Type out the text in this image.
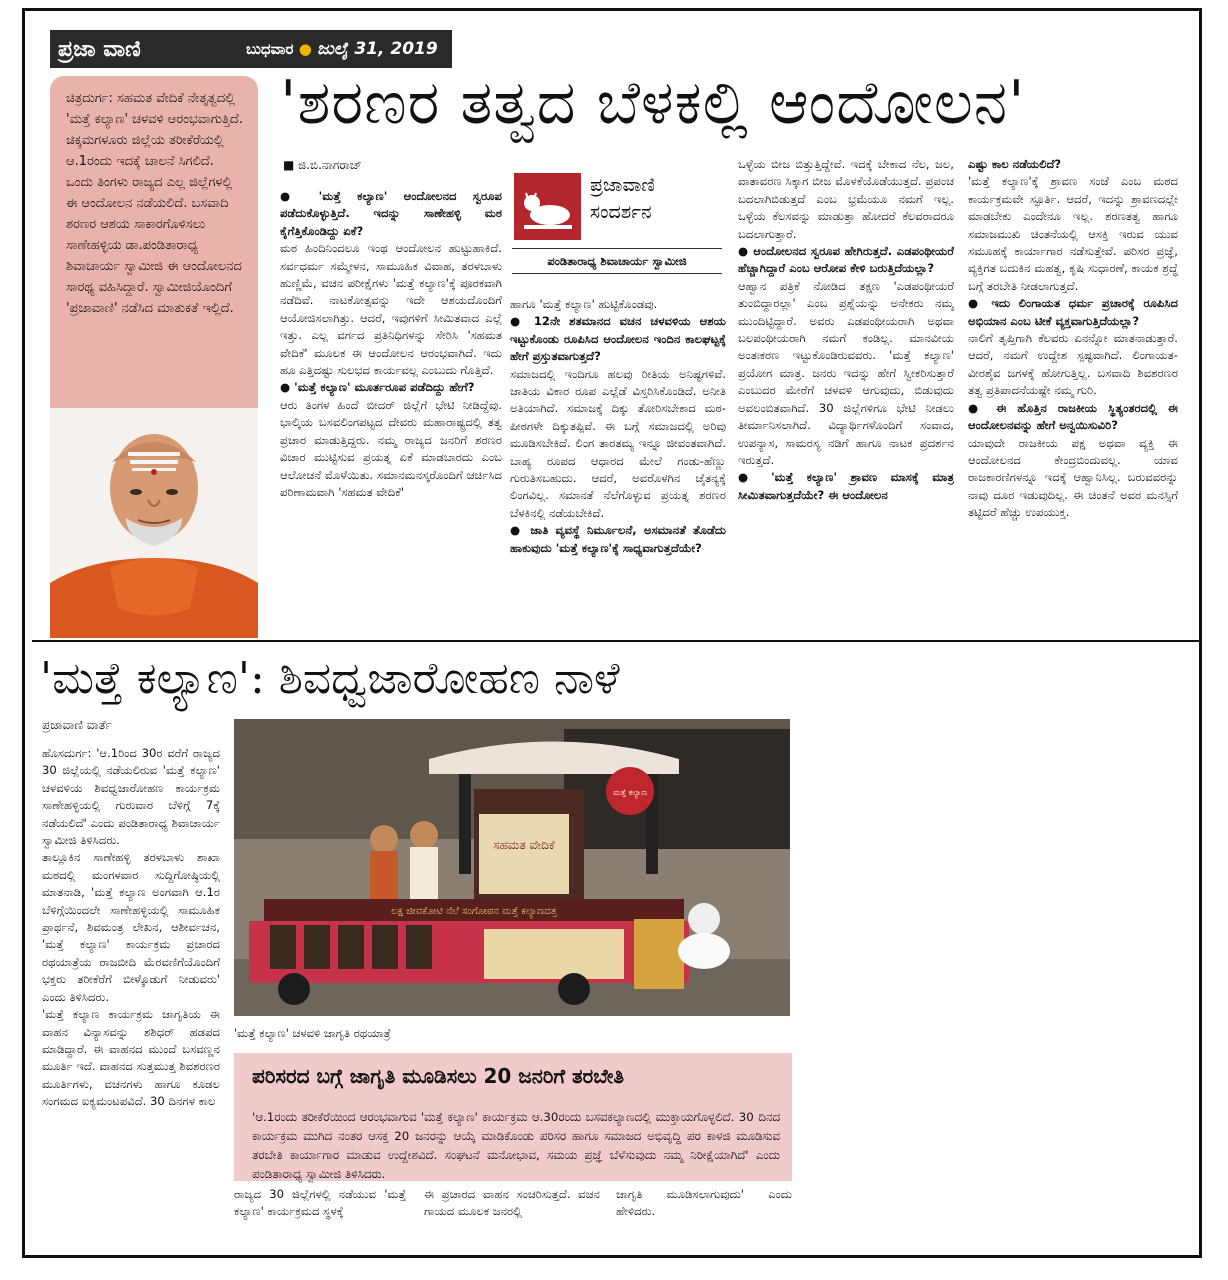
ಪ್ರಜಾ ವಾಣಿ	ಬುಧವಾರ ● ಜುಲೈ 31, 2019
ಚಿತ್ರದುರ್ಗ: ಸಹಮತ ವೇದಿಕೆ ನೇತೃತ್ವದಲ್ಲಿ 'ಮತ್ತೆ ಕಲ್ಯಾಣ' ಚಳವಳಿ ಆರಂಭವಾಗುತ್ತಿದೆ. ಚಿಕ್ಕಮಗಳೂರು ಜಿಲ್ಲೆಯ ತರೀಕೆರೆಯಲ್ಲಿ ಆ.1ರಂದು ಇದಕ್ಕೆ ಚಾಲನೆ ಸಿಗಲಿದೆ. ಒಂದು ತಿಂಗಳು ರಾಜ್ಯದ ಎಲ್ಲ ಜಿಲ್ಲೆಗಳಲ್ಲಿ ಈ ಆಂದೋಲನ ನಡೆಯಲಿದೆ. ಬಸವಾದಿ ಶರಣರ ಆಶಯ ಸಾಕಾರಗೊಳಿಸಲು ಸಾಣೇಹಳ್ಳಿಯ ಡಾ.ಪಂಡಿತಾರಾಧ್ಯ ಶಿವಾಚಾರ್ಯ ಸ್ವಾಮೀಜಿ ಈ ಆಂದೋಲನದ ಸಾರಥ್ಯ ವಹಿಸಿದ್ದಾರೆ. ಸ್ವಾಮೀಜಿಯೊಂದಿಗೆ 'ಪ್ರಜಾವಾಣಿ' ನಡೆಸಿದ ಮಾತುಕತೆ ಇಲ್ಲಿದೆ.
'ಶರಣರ ತತ್ವದ ಬೆಳಕಲ್ಲಿ ಆಂದೋಲನ'
■ ಜಿ.ಬಿ.ನಾಗರಾಜ್

● 'ಮತ್ತೆ ಕಲ್ಯಾಣ' ಆಂದೋಲನದ ಸ್ವರೂಪ ಪಡೆದುಕೊಳ್ಳುತ್ತಿದೆ. ಇದನ್ನು ಸಾಣೇಹಳ್ಳಿ ಮಠ ಕೈಗೆತ್ತಿಕೊಂಡಿದ್ದು ಏಕೆ?

ಮಠ ಹಿಂದಿನಿಂದಲೂ ಇಂಥ ಆಂದೋಲನ ಹುಟ್ಟುಹಾಕಿದೆ. ಸರ್ವಧರ್ಮ ಸಮ್ಮೇಳನ, ಸಾಮೂಹಿಕ ವಿವಾಹ, ತರಳಬಾಳು ಹುಣ್ಣಿಮೆ, ವಚನ ಪರೀಕ್ಷೆಗಳು 'ಮತ್ತೆ ಕಲ್ಯಾಣ'ಕ್ಕೆ ಪೂರಕವಾಗಿ ನಡೆದಿವೆ. ನಾಟಕೋತ್ಸವನ್ನು ಇದೇ ಆಶಯದೊಂದಿಗೆ ಆಯೋಜಿಸಲಾಗಿತ್ತು. ಆದರೆ, ಇವುಗಳಿಗೆ ಸೀಮಿತವಾದ ಎಲ್ಲೆ ಇತ್ತು. ಎಲ್ಲ ವರ್ಗದ ಪ್ರತಿನಿಧಿಗಳನ್ನು ಸೇರಿಸಿ 'ಸಹಮತ ವೇದಿಕೆ' ಮೂಲಕ ಈ ಆಂದೋಲನ ಆರಂಭವಾಗಿದೆ. ಇದು ಹೂ ಎತ್ತಿದಷ್ಟು ಸುಲಭದ ಕಾರ್ಯವಲ್ಲ ಎಂಬುದು ಗೊತ್ತಿದೆ.

● 'ಮತ್ತೆ ಕಲ್ಯಾಣ' ಮೂರ್ತರೂಪ ಪಡೆದಿದ್ದು ಹೇಗೆ?

ಆರು ತಿಂಗಳ ಹಿಂದೆ ಬೀದರ್ ಜಿಲ್ಲೆಗೆ ಭೇಟಿ ನೀಡಿದ್ದೆವು. ಭಾಲ್ಕಿಯ ಬಸವಲಿಂಗಪಟ್ಟದ ದೇವರು ಮಹಾರಾಷ್ಟ್ರದಲ್ಲಿ ತತ್ವ ಪ್ರಚಾರ ಮಾಡುತ್ತಿದ್ದರು. ನಮ್ಮ ರಾಜ್ಯದ ಜನರಿಗೆ ಶರಣರ ವಿಚಾರ ಮುಟ್ಟಿಸುವ ಪ್ರಯತ್ನ ಏಕೆ ಮಾಡಬಾರದು ಎಂಬ ಆಲೋಚನೆ ಮೊಳೆಯಿತು. ಸಮಾನಮನಸ್ಕರೊಂದಿಗೆ ಚರ್ಚಿಸಿದ ಪರಿಣಾಮವಾಗಿ 'ಸಹಮತ ವೇದಿಕೆ'

ಪ್ರಜಾವಾಣಿ
ಸಂದರ್ಶನ
ಪಂಡಿತಾರಾಧ್ಯ ಶಿವಾಚಾರ್ಯ ಸ್ವಾಮೀಜಿ

ಹಾಗೂ 'ಮತ್ತೆ ಕಲ್ಯಾಣ' ಹುಟ್ಟಿಕೊಂಡವು.

● 12ನೇ ಶತಮಾನದ ವಚನ ಚಳವಳಿಯ ಆಶಯ ಇಟ್ಟುಕೊಂಡು ರೂಪಿಸಿದ ಆಂದೋಲನ ಇಂದಿನ ಕಾಲಘಟ್ಟಕ್ಕೆ ಹೇಗೆ ಪ್ರಸ್ತುತವಾಗುತ್ತದೆ?

ಸಮಾಜದಲ್ಲಿ ಇಂದಿಗೂ ಹಲವು ರೀತಿಯ ಅನಿಷ್ಟಗಳಿವೆ. ಜಾತಿಯ ವಿಕಾರ ರೂಪ ಎಲ್ಲೆಡೆ ವಿಸ್ತರಿಸಿಕೊಂಡಿದೆ. ಅನೀತಿ ಅತಿಯಾಗಿದೆ. ಸಮಾಜಕ್ಕೆ ದಿಕ್ಕು ತೋರಿಸಬೇಕಾದ ಮಠ-ಪೀಠಗಳೇ ದಿಕ್ಕುತಪ್ಪಿವೆ. ಈ ಬಗ್ಗೆ ಸಮಾಜದಲ್ಲಿ ಅರಿವು ಮೂಡಿಸಬೇಕಿದೆ. ಲಿಂಗ ತಾರತಮ್ಯ ಇನ್ನೂ ಜೀವಂತವಾಗಿದೆ. ಬಾಹ್ಯ ರೂಪದ ಆಧಾರದ ಮೇಲೆ ಗಂಡು-ಹೆಣ್ಣು ಗುರುತಿಸಬಹುದು. ಆದರೆ, ಅವರೊಳಗಿನ ಚೈತನ್ಯಕ್ಕೆ ಲಿಂಗವಿಲ್ಲ. ಸಮಾನತೆ ನೆಲೆಗೊಳ್ಳುವ ಪ್ರಯತ್ನ ಶರಣರ ಬೆಳಕಿನಲ್ಲಿ ನಡೆಯಬೇಕಿದೆ.

● ಜಾತಿ ವ್ಯವಸ್ಥೆ ನಿರ್ಮೂಲನೆ, ಅಸಮಾನತೆ ತೊಡೆದು ಹಾಕುವುದು 'ಮತ್ತೆ ಕಲ್ಯಾಣ'ಕ್ಕೆ ಸಾಧ್ಯವಾಗುತ್ತದೆಯೇ?

ಒಳ್ಳೆಯ ಬೀಜ ಬಿತ್ತುತ್ತಿದ್ದೇವೆ. ಇದಕ್ಕೆ ಬೇಕಾದ ನೆಲ, ಜಲ, ವಾತಾವರಣ ಸಿಕ್ಕಾಗ ಬೀಜ ಮೊಳಕೆಯೊಡೆಯುತ್ತದೆ. ಪ್ರಪಂಚ ಬದಲಾಗಿಬಿಡುತ್ತದೆ ಎಂಬ ಭ್ರಮೆಯೂ ನಮಗೆ ಇಲ್ಲ. ಒಳ್ಳೆಯ ಕೆಲಸವನ್ನು ಮಾಡುತ್ತಾ ಹೋದರೆ ಕೆಲವರಾದರೂ ಬದಲಾಗುತ್ತಾರೆ.

● ಆಂದೋಲನದ ಸ್ವರೂಪ ಹೇಗಿರುತ್ತದೆ. ಎಡಪಂಥೀಯರೆ ಹೆಚ್ಚಾಗಿದ್ದಾರೆ ಎಂಬ ಆರೋಪ ಕೇಳಿ ಬರುತ್ತಿದೆಯಲ್ಲಾ?

ಆಹ್ವಾನ ಪತ್ರಿಕೆ ನೋಡಿದ ತಕ್ಷಣ 'ಎಡಪಂಥೀಯರೆ ತುಂಬಿದ್ದಾರಲ್ಲಾ' ಎಂಬ ಪ್ರಶ್ನೆಯನ್ನು ಅನೇಕರು ನಮ್ಮ ಮುಂದಿಟ್ಟಿದ್ದಾರೆ. ಅವರು ಎಡಪಂಥೀಯರಾಗಿ ಅಥವಾ ಬಲಪಂಥೀಯರಾಗಿ ನಮಗೆ ಕಂಡಿಲ್ಲ. ಮಾನವೀಯ ಅಂತಃಕರಣ ಇಟ್ಟುಕೊಂಡಿರುವವರು. 'ಮತ್ತೆ ಕಲ್ಯಾಣ' ಪ್ರಯೋಗ ಮಾತ್ರ. ಜನರು ಇದನ್ನು ಹೇಗೆ ಸ್ವೀಕರಿಸುತ್ತಾರೆ ಎಂಬುದರ ಮೇರೆಗೆ ಚಳವಳಿ ಆಗುವುದು, ಬಿಡುವುದು ಅವಲಂಬಿತವಾಗಿದೆ. 30 ಜಿಲ್ಲೆಗಳಿಗೂ ಭೇಟಿ ನೀಡಲು ತೀರ್ಮಾನಿಸಲಾಗಿದೆ. ವಿದ್ಯಾರ್ಥಿಗಳೊಂದಿಗೆ ಸಂವಾದ, ಉಪನ್ಯಾಸ, ಸಾಮರಸ್ಯ ನಡಿಗೆ ಹಾಗೂ ನಾಟಕ ಪ್ರದರ್ಶನ ಇರುತ್ತದೆ.

● 'ಮತ್ತೆ ಕಲ್ಯಾಣ' ಶ್ರಾವಣ ಮಾಸಕ್ಕೆ ಮಾತ್ರ ಸೀಮಿತವಾಗುತ್ತದೆಯೇ? ಈ ಆಂದೋಲನ

ಎಷ್ಟು ಕಾಲ ನಡೆಯಲಿದೆ?

'ಮತ್ತೆ ಕಲ್ಯಾಣ'ಕ್ಕೆ ಶ್ರಾವಣ ಸಂಜೆ ಎಂಬ ಮಠದ ಕಾರ್ಯಕ್ರಮವೇ ಸ್ಫೂರ್ತಿ. ಆದರೆ, ಇದನ್ನು ಶ್ರಾವಣದಲ್ಲೇ ಮಾಡಬೇಕು ಎಂದೇನೂ ಇಲ್ಲ. ಶರಣತತ್ವ ಹಾಗೂ ಸಮಾಜಮುಖಿ ಚಿಂತನೆಯಲ್ಲಿ ಆಸಕ್ತಿ ಇರುವ ಯುವ ಸಮೂಹಕ್ಕೆ ಕಾರ್ಯಾಗಾರ ನಡೆಸುತ್ತೇವೆ. ಪರಿಸರ ಪ್ರಜ್ಞೆ, ವ್ಯಕ್ತಿಗತ ಬದುಕಿನ ಮಹತ್ವ, ಕೃಷಿ ಸುಧಾರಣೆ, ಕಾಯಕ ಶ್ರದ್ಧೆ ಬಗ್ಗೆ ತರಬೇತಿ ನೀಡಲಾಗುತ್ತದೆ.

● ಇದು ಲಿಂಗಾಯತ ಧರ್ಮ ಪ್ರಚಾರಕ್ಕೆ ರೂಪಿಸಿದ ಅಭಿಯಾನ ಎಂಬ ಟೀಕೆ ವ್ಯಕ್ತವಾಗುತ್ತಿದೆಯಲ್ಲಾ?

ನಾಲಿಗೆ ತೃಪ್ತಿಗಾಗಿ ಕೆಲವರು ಏನನ್ನೋ ಮಾತನಾಡುತ್ತಾರೆ. ಆದರೆ, ನಮಗೆ ಉದ್ದೇಶ ಸ್ಪಷ್ಟವಾಗಿದೆ. ಲಿಂಗಾಯತ-ವೀರಶೈವ ಜಗಳಕ್ಕೆ ಹೋಗುತ್ತಿಲ್ಲ. ಬಸವಾದಿ ಶಿವಶರಣರ ತತ್ವ ಪ್ರತಿಪಾದನೆಯಷ್ಟೇ ನಮ್ಮ ಗುರಿ.

● ಈ ಹೊತ್ತಿನ ರಾಜಕೀಯ ಸ್ಥಿತ್ಯಂತರದಲ್ಲಿ ಈ ಆಂದೋಲನವನ್ನು ಹೇಗೆ ಅನ್ವಯಿಸುವಿರಿ?

ಯಾವುದೇ ರಾಜಕೀಯ ಪಕ್ಷ ಅಥವಾ ವ್ಯಕ್ತಿ ಈ ಆಂದೋಲನದ ಕೇಂದ್ರಬಿಂದುವಲ್ಲ. ಯಾವ ರಾಜಕಾರಣಿಗಳನ್ನೂ ಇದಕ್ಕೆ ಆಹ್ವಾನಿಸಿಲ್ಲ. ಬರುವವರನ್ನು ನಾವು ದೂರ ಇಡುವುದಿಲ್ಲ. ಈ ಚಿಂತನೆ ಅವರ ಮನಸ್ಸಿಗೆ ತಟ್ಟಿದರೆ ಹೆಚ್ಚು ಉಪಯುಕ್ತ.

'ಮತ್ತೆ ಕಲ್ಯಾಣ': ಶಿವಧ್ವಜಾರೋಹಣ ನಾಳೆ
ಪ್ರಜಾವಾಣಿ ವಾರ್ತೆ

ಹೊಸದುರ್ಗ: 'ಆ.1ರಿಂದ 30ರ ವರೆಗೆ ರಾಜ್ಯದ 30 ಜಿಲ್ಲೆಯಲ್ಲಿ ನಡೆಯಲಿರುವ 'ಮತ್ತೆ ಕಲ್ಯಾಣ' ಚಳವಳಿಯ ಶಿವಧ್ವಜಾರೋಹಣ ಕಾರ್ಯಕ್ರಮ ಸಾಣೇಹಳ್ಳಿಯಲ್ಲಿ ಗುರುವಾರ ಬೆಳಿಗ್ಗೆ 7ಕ್ಕೆ ನಡೆಯಲಿದೆ' ಎಂದು ಪಂಡಿತಾರಾಧ್ಯ ಶಿವಾಚಾರ್ಯ ಸ್ವಾಮೀಜಿ ತಿಳಿಸಿದರು.

ತಾಲ್ಲೂಕಿನ ಸಾಣೇಹಳ್ಳಿ ತರಳಬಾಳು ಶಾಖಾ ಮಠದಲ್ಲಿ ಮಂಗಳವಾರ ಸುದ್ದಿಗೋಷ್ಠಿಯಲ್ಲಿ ಮಾತನಾಡಿ, 'ಮತ್ತೆ ಕಲ್ಯಾಣ ಅಂಗವಾಗಿ ಆ.1ರ ಬೆಳಿಗ್ಗೆಯಿಂದಲೇ ಸಾಣೇಹಳ್ಳಿಯಲ್ಲಿ ಸಾಮೂಹಿಕ ಪ್ರಾರ್ಥನೆ, ಶಿವಮಂತ್ರ ಲೇಖನ, ಆಶೀರ್ವಚನ, 'ಮತ್ತೆ ಕಲ್ಯಾಣ' ಕಾರ್ಯಕ್ರಮ ಪ್ರಚಾರದ ರಥಯಾತ್ರೆಯ ರಾಜಬೀದಿ ಮೆರವಣಿಗೆಯೊಂದಿಗೆ ಭಕ್ತರು ತರೀಕೆರೆಗೆ ಬೀಳ್ಕೊಡುಗೆ ನೀಡುವರು' ಎಂದು ತಿಳಿಸಿದರು.

'ಮತ್ತೆ ಕಲ್ಯಾಣ ಕಾರ್ಯಕ್ರಮ ಜಾಗೃತಿಯ ಈ ವಾಹನ ವಿನ್ಯಾಸವನ್ನು ಶಶಿಧರ್ ಹಡಪದ ಮಾಡಿದ್ದಾರೆ. ಈ ವಾಹನದ ಮುಂದೆ ಬಸವಣ್ಣನ ಮೂರ್ತಿ ಇದೆ. ವಾಹನದ ಸುತ್ತಮುತ್ತ ಶಿವಶರಣರ ಮೂರ್ತಿಗಳು, ವಚನಗಳು ಹಾಗೂ ಕೂಡಲ ಸಂಗಮದ ಐಕ್ಯಮಂಟಪವಿದೆ. 30 ದಿನಗಳ ಕಾಲ

ಸಹಮತ ವೇದಿಕೆ
ಮತ್ತೆ ಕಲ್ಯಾಣ
ಲಕ್ಷ ಜೀವಕೋಟಿ ನೆಲೆ ಸಂಗೋಪನ ಮತ್ತೆ ಕಲ್ಯಾಣದತ್ತ
'ಮತ್ತೆ ಕಲ್ಯಾಣ' ಚಳವಳಿ ಜಾಗೃತಿ ರಥಯಾತ್ರೆ
ಪರಿಸರದ ಬಗ್ಗೆ ಜಾಗೃತಿ ಮೂಡಿಸಲು 20 ಜನರಿಗೆ ತರಬೇತಿ
'ಆ.1ರಂದು ತರೀಕೆರೆಯಿಂದ ಆರಂಭವಾಗುವ 'ಮತ್ತೆ ಕಲ್ಯಾಣ' ಕಾರ್ಯಕ್ರಮ ಆ.30ರಂದು ಬಸವಕಲ್ಯಾಣದಲ್ಲಿ ಮುಕ್ತಾಯಗೊಳ್ಳಲಿದೆ. 30 ದಿನದ ಕಾರ್ಯಕ್ರಮ ಮುಗಿದ ನಂತರ ಆಸಕ್ತ 20 ಜನರನ್ನು ಆಯ್ಕೆ ಮಾಡಿಕೊಂಡು ಪರಿಸರ ಹಾಗೂ ಸಮಾಜದ ಅಭಿವೃದ್ಧಿ ಪರ ಕಾಳಜಿ ಮೂಡಿಸುವ ತರಬೇತಿ ಕಾರ್ಯಾಗಾರ ಮಾಡುವ ಉದ್ದೇಶವಿದೆ. ಸಂಘಟನೆ ಮನೋಭಾವ, ಸಮಯ ಪ್ರಜ್ಞೆ ಬೆಳೆಸುವುದು ನಮ್ಮ ನಿರೀಕ್ಷೆಯಾಗಿದೆ' ಎಂದು ಪಂಡಿತಾರಾಧ್ಯ ಸ್ವಾಮೀಜಿ ತಿಳಿಸಿದರು.
ರಾಜ್ಯದ 30 ಜಿಲ್ಲೆಗಳಲ್ಲಿ ನಡೆಯುವ 'ಮತ್ತೆ ಕಲ್ಯಾಣ' ಕಾರ್ಯಕ್ರಮದ ಸ್ಥಳಕ್ಕೆ
ಈ ಪ್ರಚಾರದ ವಾಹನ ಸಂಚರಿಸುತ್ತದೆ. ವಚನ ಗಾಯದ ಮೂಲಕ ಜನರಲ್ಲಿ
ಜಾಗೃತಿ ಮೂಡಿಸಲಾಗುವುದು' ಎಂದು ಹೇಳಿದರು.
